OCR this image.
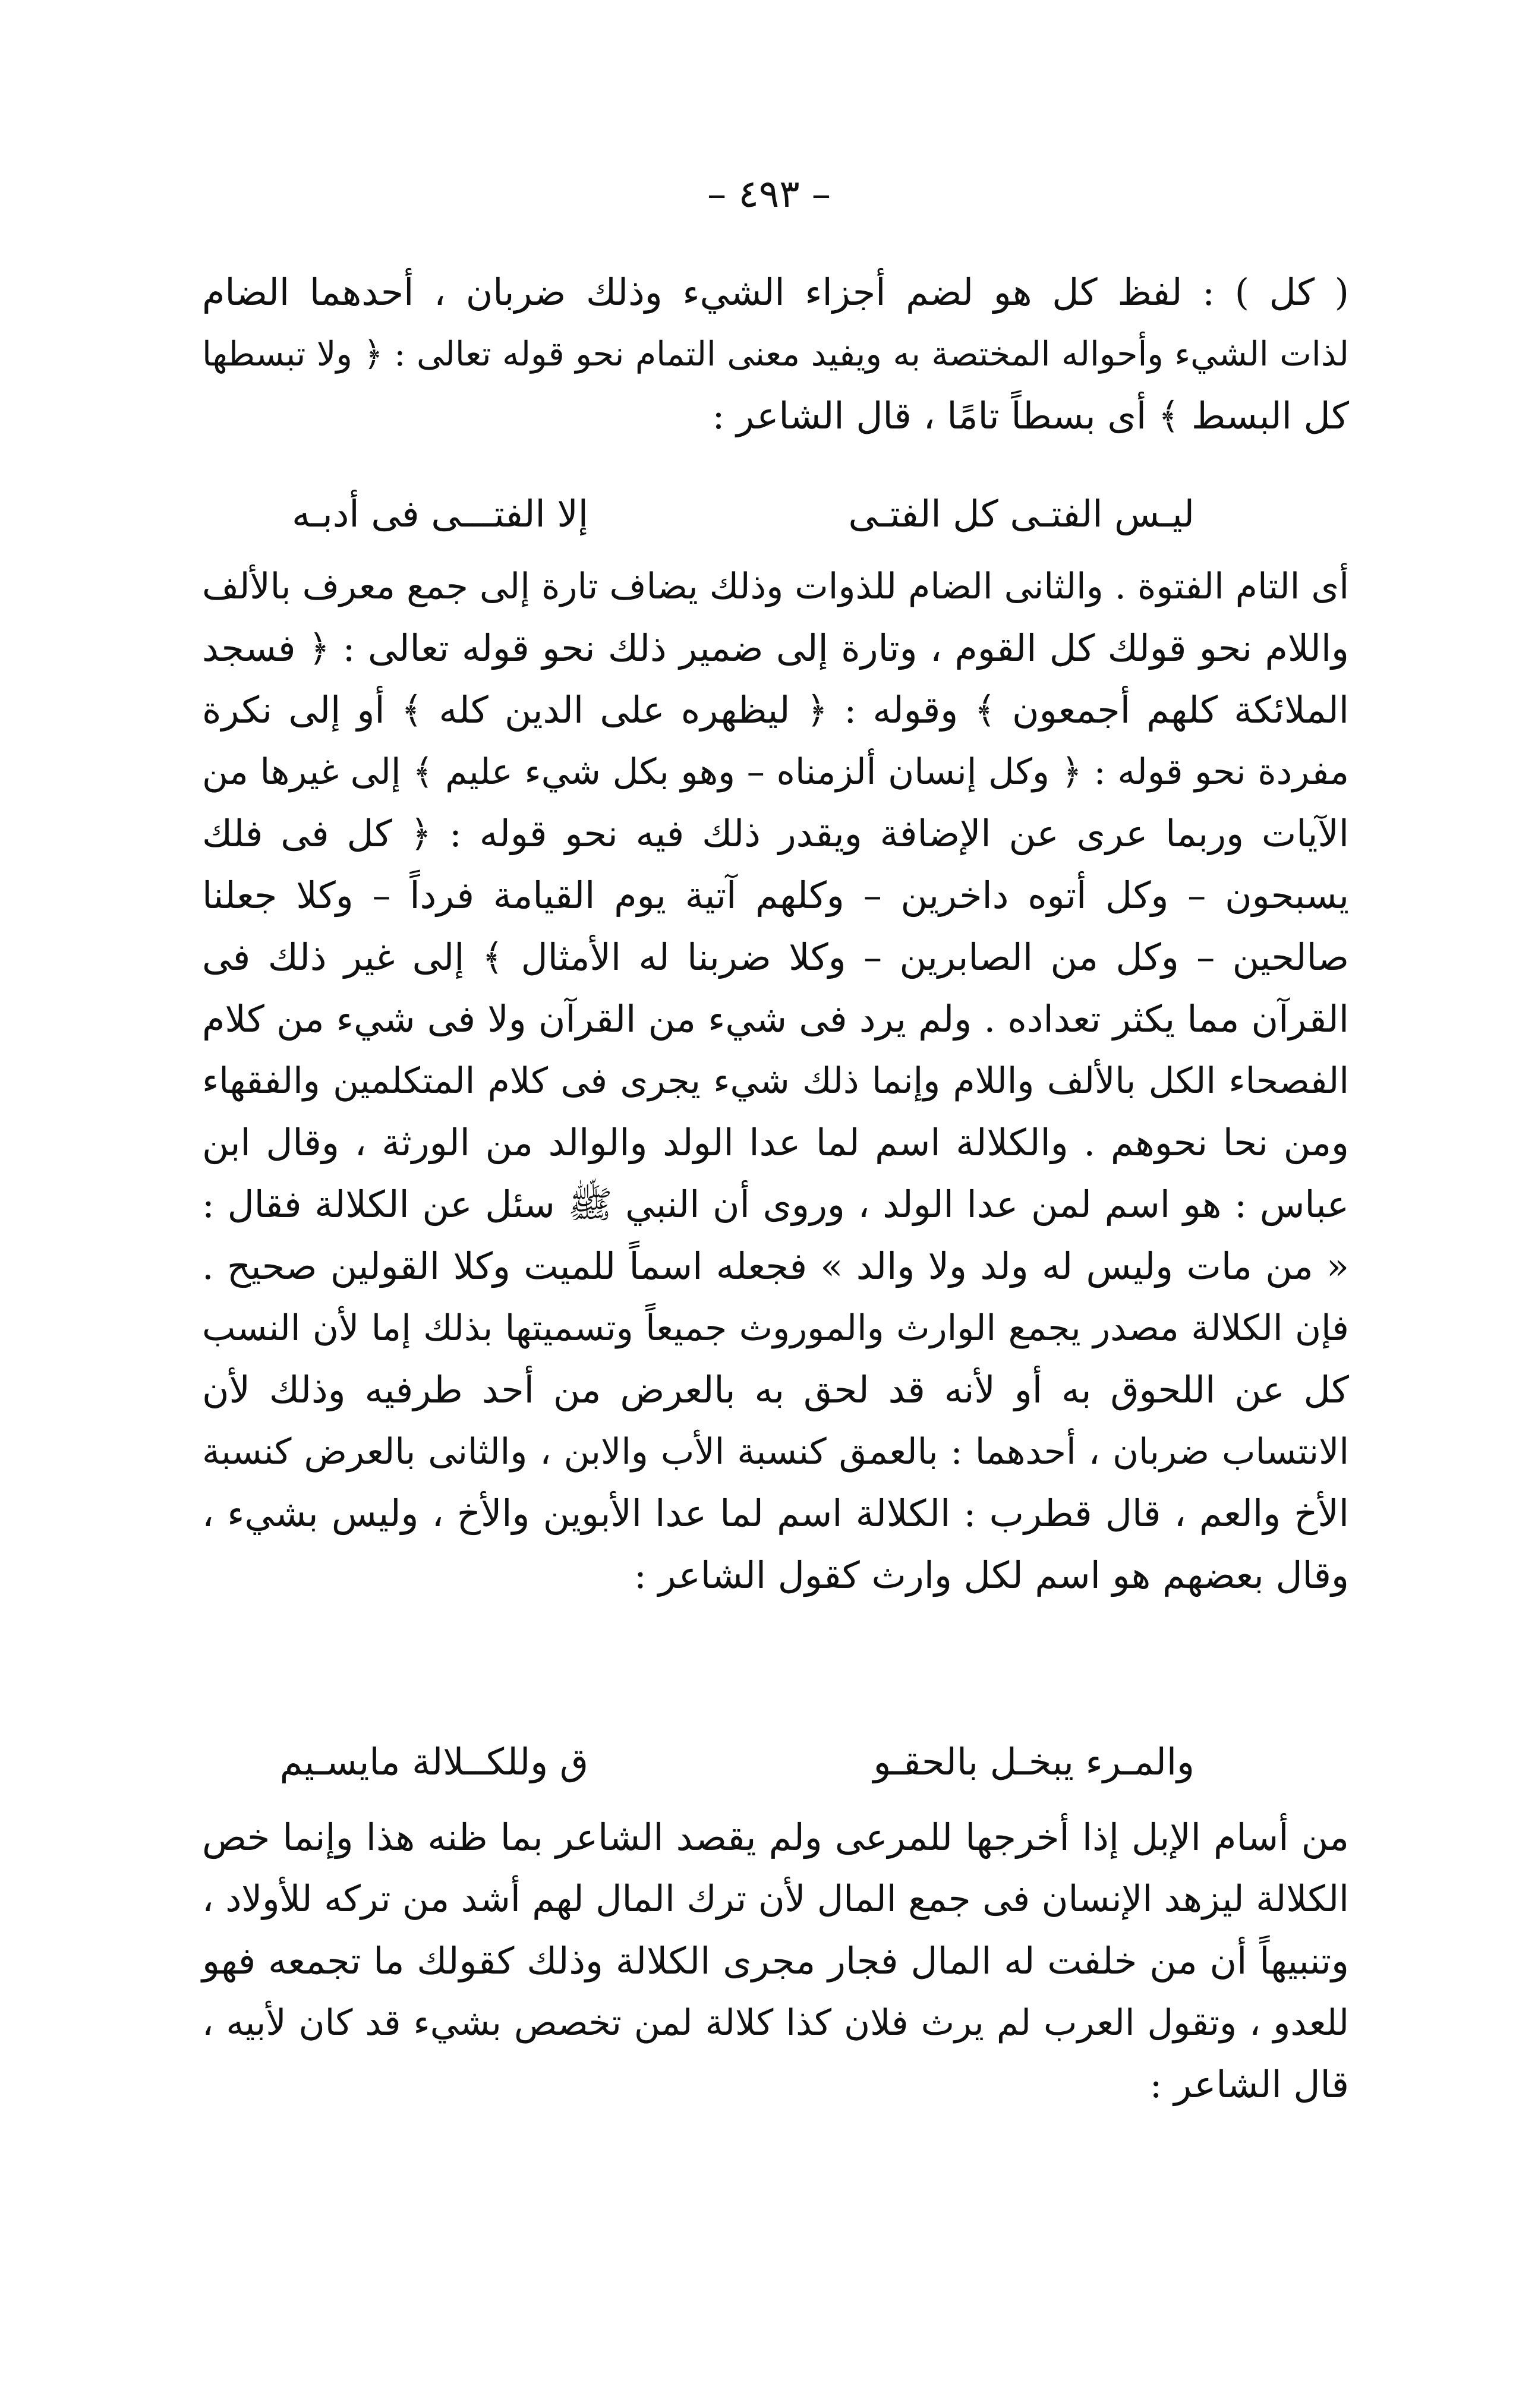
– ٤٩٣ –
( كل ) : لفظ كل هو لضم أجزاء الشيء وذلك ضربان ، أحدهما الضام
لذات الشيء وأحواله المختصة به ويفيد معنى التمام نحو قوله تعالى : ﴿ ولا تبسطها
كل البسط ﴾ أى بسطاً تامًا ، قال الشاعر :
ليـس الفتـى كل الفتـى
إلا الفتـــى فى أدبـه
أى التام الفتوة . والثانى الضام للذوات وذلك يضاف تارة إلى جمع معرف بالألف
واللام نحو قولك كل القوم ، وتارة إلى ضمير ذلك نحو قوله تعالى : ﴿ فسجد
الملائكة كلهم أجمعون ﴾ وقوله : ﴿ ليظهره على الدين كله ﴾ أو إلى نكرة
مفردة نحو قوله : ﴿ وكل إنسان ألزمناه – وهو بكل شيء عليم ﴾ إلى غيرها من
الآيات وربما عرى عن الإضافة ويقدر ذلك فيه نحو قوله : ﴿ كل فى فلك
يسبحون – وكل أتوه داخرين – وكلهم آتية يوم القيامة فرداً – وكلا جعلنا
صالحين – وكل من الصابرين – وكلا ضربنا له الأمثال ﴾ إلى غير ذلك فى
القرآن مما يكثر تعداده . ولم يرد فى شيء من القرآن ولا فى شيء من كلام
الفصحاء الكل بالألف واللام وإنما ذلك شيء يجرى فى كلام المتكلمين والفقهاء
ومن نحا نحوهم . والكلالة اسم لما عدا الولد والوالد من الورثة ، وقال ابن
عباس : هو اسم لمن عدا الولد ، وروى أن النبي ﷺ سئل عن الكلالة فقال :
« من مات وليس له ولد ولا والد » فجعله اسماً للميت وكلا القولين صحيح .
فإن الكلالة مصدر يجمع الوارث والموروث جميعاً وتسميتها بذلك إما لأن النسب
كل عن اللحوق به أو لأنه قد لحق به بالعرض من أحد طرفيه وذلك لأن
الانتساب ضربان ، أحدهما : بالعمق كنسبة الأب والابن ، والثانى بالعرض كنسبة
الأخ والعم ، قال قطرب : الكلالة اسم لما عدا الأبوين والأخ ، وليس بشيء ،
وقال بعضهم هو اسم لكل وارث كقول الشاعر :
والمـرء يبخـل بالحقـو
ق وللكــلالة مايسـيم
من أسام الإبل إذا أخرجها للمرعى ولم يقصد الشاعر بما ظنه هذا وإنما خص
الكلالة ليزهد الإنسان فى جمع المال لأن ترك المال لهم أشد من تركه للأولاد ،
وتنبيهاً أن من خلفت له المال فجار مجرى الكلالة وذلك كقولك ما تجمعه فهو
للعدو ، وتقول العرب لم يرث فلان كذا كلالة لمن تخصص بشيء قد كان لأبيه ،
قال الشاعر :
